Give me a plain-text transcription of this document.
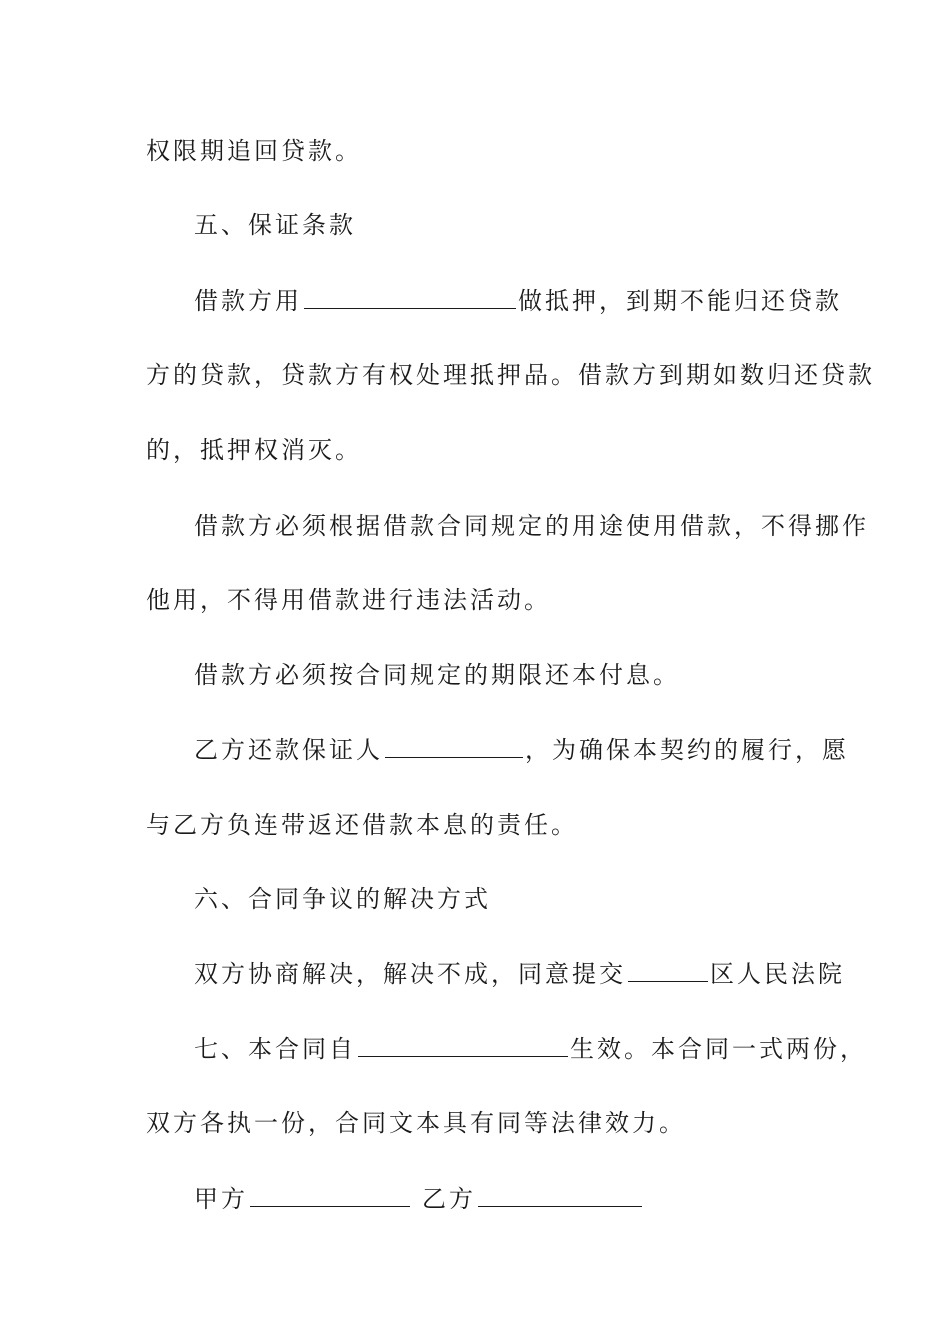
权限期追回贷款。
五、保证条款
借款方用	做抵押，到期不能归还贷款
方的贷款，贷款方有权处理抵押品。借款方到期如数归还贷款
的，抵押权消灭。
借款方必须根据借款合同规定的用途使用借款，不得挪作
他用，不得用借款进行违法活动。
借款方必须按合同规定的期限还本付息。
乙方还款保证人	，为确保本契约的履行，愿
与乙方负连带返还借款本息的责任。
六、合同争议的解决方式
双方协商解决，解决不成，同意提交	区人民法院
七、本合同自	生效。本合同一式两份，
双方各执一份，合同文本具有同等法律效力。
甲方	乙方
